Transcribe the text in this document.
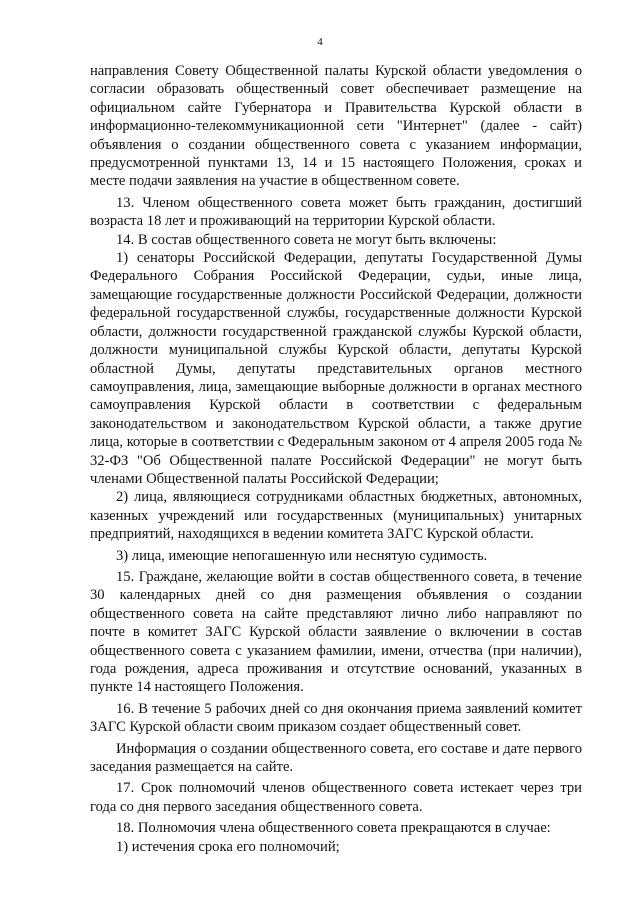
4

направления Совету Общественной палаты Курской области уведомления о согласии образовать общественный совет обеспечивает размещение на официальном сайте Губернатора и Правительства Курской области в информационно-телекоммуникационной сети "Интернет" (далее - сайт) объявления о создании общественного совета с указанием информации, предусмотренной пунктами 13, 14 и 15 настоящего Положения, сроках и месте подачи заявления на участие в общественном совете.

13. Членом общественного совета может быть гражданин, достигший возраста 18 лет и проживающий на территории Курской области.

14. В состав общественного совета не могут быть включены:

1) сенаторы Российской Федерации, депутаты Государственной Думы Федерального Собрания Российской Федерации, судьи, иные лица, замещающие государственные должности Российской Федерации, должности федеральной государственной службы, государственные должности Курской области, должности государственной гражданской службы Курской области, должности муниципальной службы Курской области, депутаты Курской областной Думы, депутаты представительных органов местного самоуправления, лица, замещающие выборные должности в органах местного самоуправления Курской области в соответствии с федеральным законодательством и законодательством Курской области, а также другие лица, которые в соответствии с Федеральным законом от 4 апреля 2005 года № 32-ФЗ "Об Общественной палате Российской Федерации" не могут быть членами Общественной палаты Российской Федерации;

2) лица, являющиеся сотрудниками областных бюджетных, автономных, казенных учреждений или государственных (муниципальных) унитарных предприятий, находящихся в ведении комитета ЗАГС Курской области.

3) лица, имеющие непогашенную или неснятую судимость.

15. Граждане, желающие войти в состав общественного совета, в течение 30 календарных дней со дня размещения объявления о создании общественного совета на сайте представляют лично либо направляют по почте в комитет ЗАГС Курской области заявление о включении в состав общественного совета с указанием фамилии, имени, отчества (при наличии), года рождения, адреса проживания и отсутствие оснований, указанных в пункте 14 настоящего Положения.

16. В течение 5 рабочих дней со дня окончания приема заявлений комитет ЗАГС Курской области своим приказом создает общественный совет.

Информация о создании общественного совета, его составе и дате первого заседания размещается на сайте.

17. Срок полномочий членов общественного совета истекает через три года со дня первого заседания общественного совета.

18. Полномочия члена общественного совета прекращаются в случае:

1) истечения срока его полномочий;
